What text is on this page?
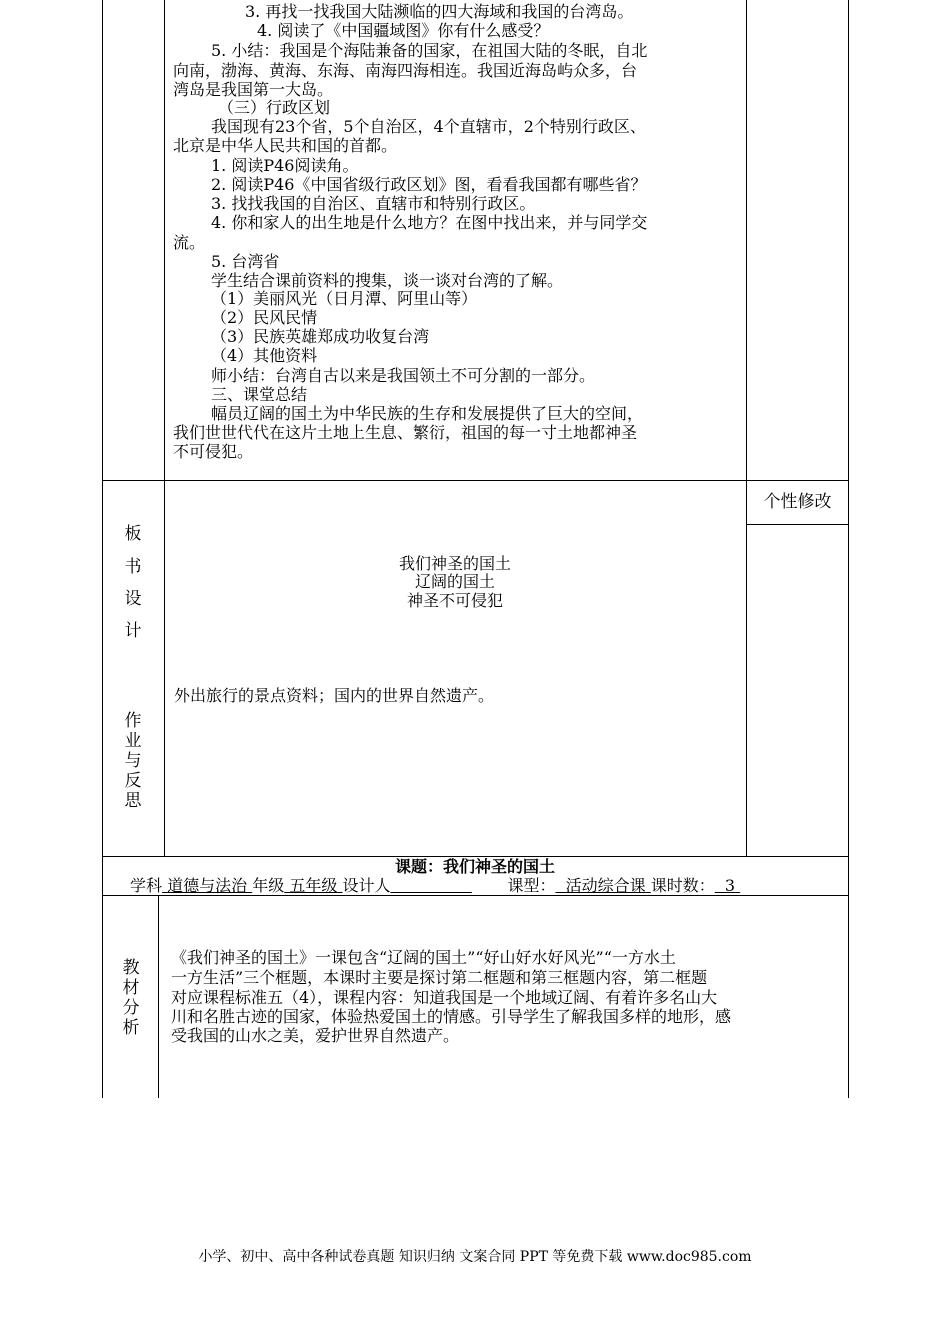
3. 再找一找我国大陆濒临的四大海域和我国的台湾岛。
4. 阅读了《中国疆域图》你有什么感受？
5. 小结：我国是个海陆兼备的国家，在祖国大陆的冬眠，自北
向南，渤海、黄海、东海、南海四海相连。我国近海岛屿众多，台
湾岛是我国第一大岛。
（三）行政区划
我国现有23个省，5个自治区，4个直辖市，2个特别行政区、
北京是中华人民共和国的首都。
1. 阅读P46阅读角。
2. 阅读P46《中国省级行政区划》图，看看我国都有哪些省？
3. 找找我国的自治区、直辖市和特别行政区。
4. 你和家人的出生地是什么地方？在图中找出来，并与同学交
流。
5. 台湾省
学生结合课前资料的搜集，谈一谈对台湾的了解。
（1）美丽风光（日月潭、阿里山等）
（2）民风民情
（3）民族英雄郑成功收复台湾
（4）其他资料
师小结：台湾自古以来是我国领土不可分割的一部分。
三、课堂总结
幅员辽阔的国土为中华民族的生存和发展提供了巨大的空间，
我们世世代代在这片土地上生息、繁衍，祖国的每一寸土地都神圣
不可侵犯。
个性修改
板
书
设
计
作
业
与
反
思
我们神圣的国土
辽阔的国土
神圣不可侵犯
外出旅行的景点资料；国内的世界自然遗产。
课题：我们神圣的国土
学科 道德与法治 年级 五年级 设计人	课型： 活动综合课 课时数： 3
教
材
分
析
《我们神圣的国土》一课包含“辽阔的国土”“好山好水好风光”“一方水土
一方生活”三个框题，本课时主要是探讨第二框题和第三框题内容，第二框题
对应课程标准五（4），课程内容：知道我国是一个地域辽阔、有着许多名山大
川和名胜古迹的国家，体验热爱国土的情感。引导学生了解我国多样的地形，感
受我国的山水之美，爱护世界自然遗产。
小学、初中、高中各种试卷真题 知识归纳 文案合同 PPT 等免费下载 www.doc985.com
